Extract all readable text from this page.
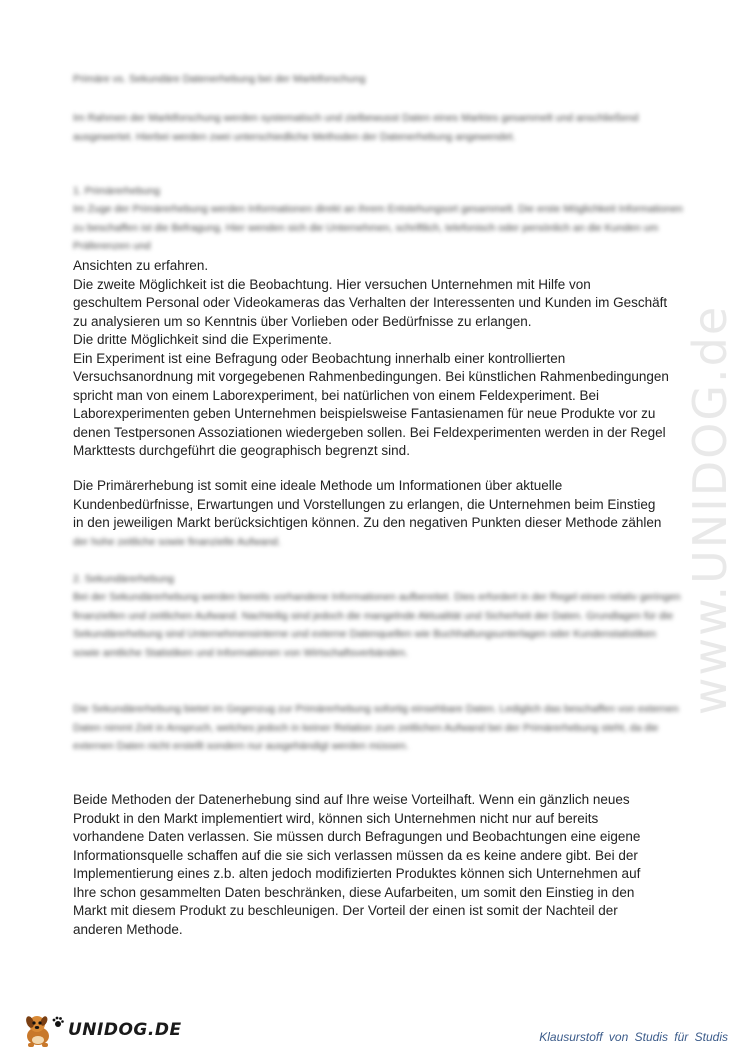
www.UNIDOG.de
Primäre vs. Sekundäre Datenerhebung bei der Marktforschung
Im Rahmen der Marktforschung werden systematisch und zielbewusst Daten eines Marktes gesammelt und anschließend ausgewertet. Hierbei werden zwei unterschiedliche Methoden der Datenerhebung angewendet.
1. Primärerhebung
Im Zuge der Primärerhebung werden Informationen direkt an ihrem Entstehungsort gesammelt. Die erste Möglichkeit Informationen zu beschaffen ist die Befragung. Hier wenden sich die Unternehmen, schriftlich, telefonisch oder persönlich an die Kunden um Präferenzen und

Ansichten zu erfahren.

Die zweite Möglichkeit ist die Beobachtung. Hier versuchen Unternehmen mit Hilfe von

geschultem Personal oder Videokameras das Verhalten der Interessenten und Kunden im Geschäft

zu analysieren um so Kenntnis über Vorlieben oder Bedürfnisse zu erlangen.

Die dritte Möglichkeit sind die Experimente.

Ein Experiment ist eine Befragung oder Beobachtung innerhalb einer kontrollierten

Versuchsanordnung mit vorgegebenen Rahmenbedingungen. Bei künstlichen Rahmenbedingungen

spricht man von einem Laborexperiment, bei natürlichen von einem Feldexperiment. Bei

Laborexperimenten geben Unternehmen beispielsweise Fantasienamen für neue Produkte vor zu

denen Testpersonen Assoziationen wiedergeben sollen. Bei Feldexperimenten werden in der Regel

Markttests durchgeführt die geographisch begrenzt sind.

Die Primärerhebung ist somit eine ideale Methode um Informationen über aktuelle

Kundenbedürfnisse, Erwartungen und Vorstellungen zu erlangen, die Unternehmen beim Einstieg

in den jeweiligen Markt berücksichtigen können. Zu den negativen Punkten dieser Methode zählen

der hohe zeitliche sowie finanzielle Aufwand.
2. Sekundärerhebung
Bei der Sekundärerhebung werden bereits vorhandene Informationen aufbereitet. Dies erfordert in der Regel einen relativ geringen finanziellen und zeitlichen Aufwand. Nachteilig sind jedoch die mangelnde Aktualität und Sicherheit der Daten. Grundlagen für die Sekundärerhebung sind Unternehmensinterne und externe Datenquellen wie Buchhaltungsunterlagen oder Kundenstatistiken sowie amtliche Statistiken und Informationen von Wirtschaftsverbänden.
Die Sekundärerhebung bietet im Gegenzug zur Primärerhebung sofortig einsehbare Daten. Lediglich das beschaffen von externen Daten nimmt Zeit in Anspruch, welches jedoch in keiner Relation zum zeitlichen Aufwand bei der Primärerhebung steht, da die externen Daten nicht erstellt sondern nur ausgehändigt werden müssen.

Beide Methoden der Datenerhebung sind auf Ihre weise Vorteilhaft. Wenn ein gänzlich neues

Produkt in den Markt implementiert wird, können sich Unternehmen nicht nur auf bereits

vorhandene Daten verlassen. Sie müssen durch Befragungen und Beobachtungen eine eigene

Informationsquelle schaffen auf die sie sich verlassen müssen da es keine andere gibt. Bei der

Implementierung eines z.b. alten jedoch modifizierten Produktes können sich Unternehmen auf

Ihre schon gesammelten Daten beschränken, diese Aufarbeiten, um somit den Einstieg in den

Markt mit diesem Produkt zu beschleunigen. Der Vorteil der einen ist somit der Nachteil der

anderen Methode.

UNIDOG.DE	Klausurstoff von Studis für Studis
